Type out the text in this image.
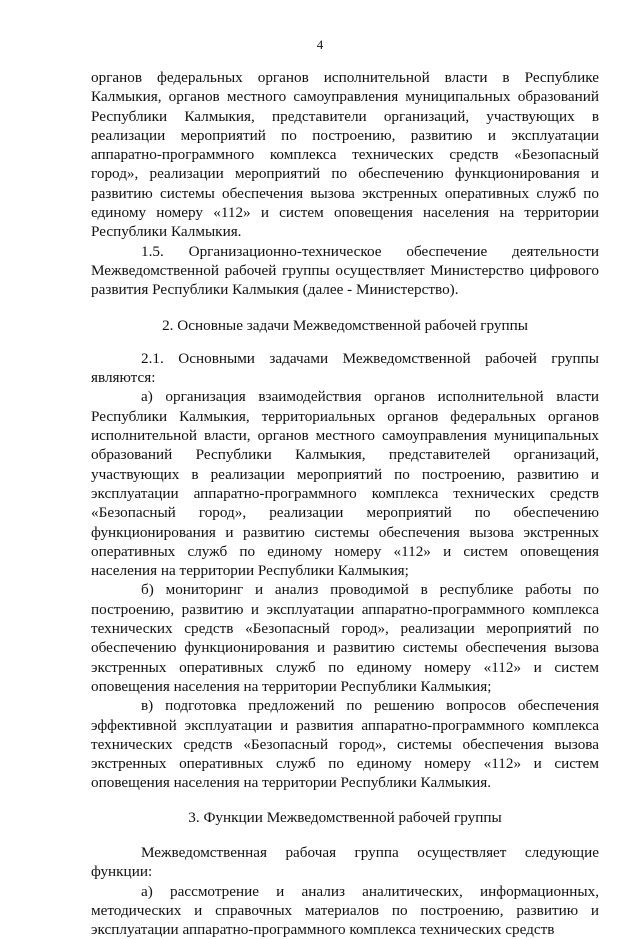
4

органов федеральных органов исполнительной власти в Республике Калмыкия, органов местного самоуправления муниципальных образований Республики Калмыкия, представители организаций, участвующих в реализации мероприятий по построению, развитию и эксплуатации аппаратно-программного комплекса технических средств «Безопасный город», реализации мероприятий по обеспечению функционирования и развитию системы обеспечения вызова экстренных оперативных служб по единому номеру «112» и систем оповещения населения на территории Республики Калмыкия.

1.5. Организационно-техническое обеспечение деятельности Межведомственной рабочей группы осуществляет Министерство цифрового развития Республики Калмыкия (далее - Министерство).

2. Основные задачи Межведомственной рабочей группы

2.1. Основными задачами Межведомственной рабочей группы являются:

а) организация взаимодействия органов исполнительной власти Республики Калмыкия, территориальных органов федеральных органов исполнительной власти, органов местного самоуправления муниципальных образований Республики Калмыкия, представителей организаций, участвующих в реализации мероприятий по построению, развитию и эксплуатации аппаратно-программного комплекса технических средств «Безопасный город», реализации мероприятий по обеспечению функционирования и развитию системы обеспечения вызова экстренных оперативных служб по единому номеру «112» и систем оповещения населения на территории Республики Калмыкия;

б) мониторинг и анализ проводимой в республике работы по построению, развитию и эксплуатации аппаратно-программного комплекса технических средств «Безопасный город», реализации мероприятий по обеспечению функционирования и развитию системы обеспечения вызова экстренных оперативных служб по единому номеру «112» и систем оповещения населения на территории Республики Калмыкия;

в) подготовка предложений по решению вопросов обеспечения эффективной эксплуатации и развития аппаратно-программного комплекса технических средств «Безопасный город», системы обеспечения вызова экстренных оперативных служб по единому номеру «112» и систем оповещения населения на территории Республики Калмыкия.

3. Функции Межведомственной рабочей группы

Межведомственная рабочая группа осуществляет следующие функции:

а) рассмотрение и анализ аналитических, информационных, методических и справочных материалов по построению, развитию и эксплуатации аппаратно-программного комплекса технических средств
